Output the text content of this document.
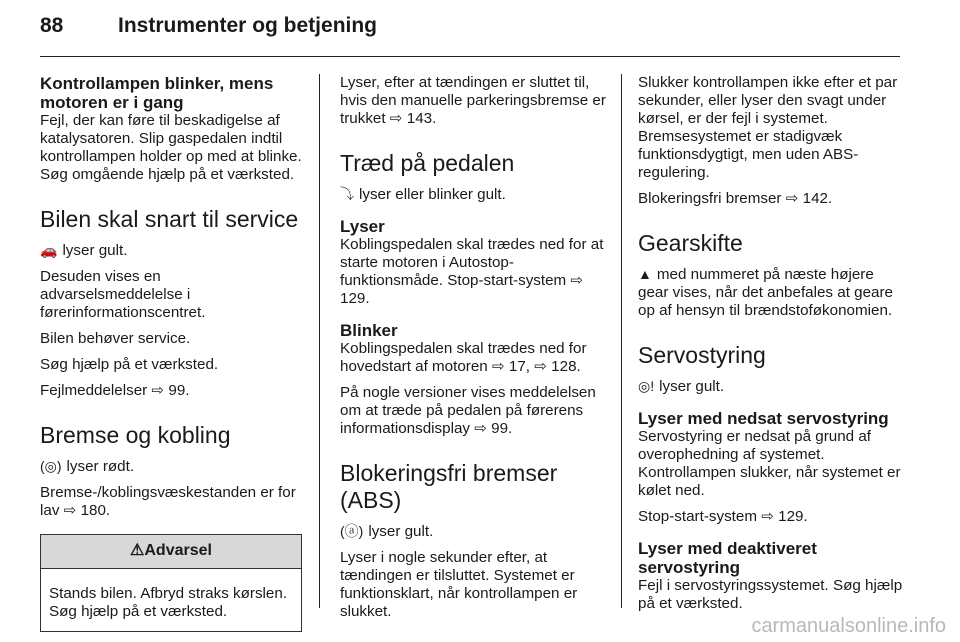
88	Instrumenter og betjening
Kontrollampen blinker, mens motoren er i gang

Fejl, der kan føre til beskadigelse af katalysatoren. Slip gaspedalen indtil kontrollampen holder op med at blinke. Søg omgående hjælp på et værksted.

Bilen skal snart til service

🚗 lyser gult.

Desuden vises en advarselsmeddelelse i førerinformationscentret.

Bilen behøver service.

Søg hjælp på et værksted.

Fejlmeddelelser ⇨ 99.

Bremse og kobling

(◎) lyser rødt.

Bremse-/koblingsvæskestanden er for lav ⇨ 180.

⚠Advarsel
Stands bilen. Afbryd straks kørslen. Søg hjælp på et værksted.

Lyser, efter at tændingen er sluttet til, hvis den manuelle parkeringsbremse er trukket ⇨ 143.

Træd på pedalen

⤵ lyser eller blinker gult.

Lyser

Koblingspedalen skal trædes ned for at starte motoren i Autostop-funktionsmåde. Stop-start-system ⇨ 129.

Blinker

Koblingspedalen skal trædes ned for hovedstart af motoren ⇨ 17, ⇨ 128.

På nogle versioner vises meddelelsen om at træde på pedalen på førerens informationsdisplay ⇨ 99.

Blokeringsfri bremser (ABS)

(ⓐ) lyser gult.

Lyser i nogle sekunder efter, at tændingen er tilsluttet. Systemet er funktionsklart, når kontrollampen er slukket.

Slukker kontrollampen ikke efter et par sekunder, eller lyser den svagt under kørsel, er der fejl i systemet. Bremsesystemet er stadigvæk funktionsdygtigt, men uden ABS-regulering.

Blokeringsfri bremser ⇨ 142.

Gearskifte

▲ med nummeret på næste højere gear vises, når det anbefales at geare op af hensyn til brændstoføkonomien.

Servostyring

◎! lyser gult.

Lyser med nedsat servostyring

Servostyring er nedsat på grund af overophedning af systemet. Kontrollampen slukker, når systemet er kølet ned.

Stop-start-system ⇨ 129.

Lyser med deaktiveret servostyring

Fejl i servostyringssystemet. Søg hjælp på et værksted.

carmanualsonline.info
